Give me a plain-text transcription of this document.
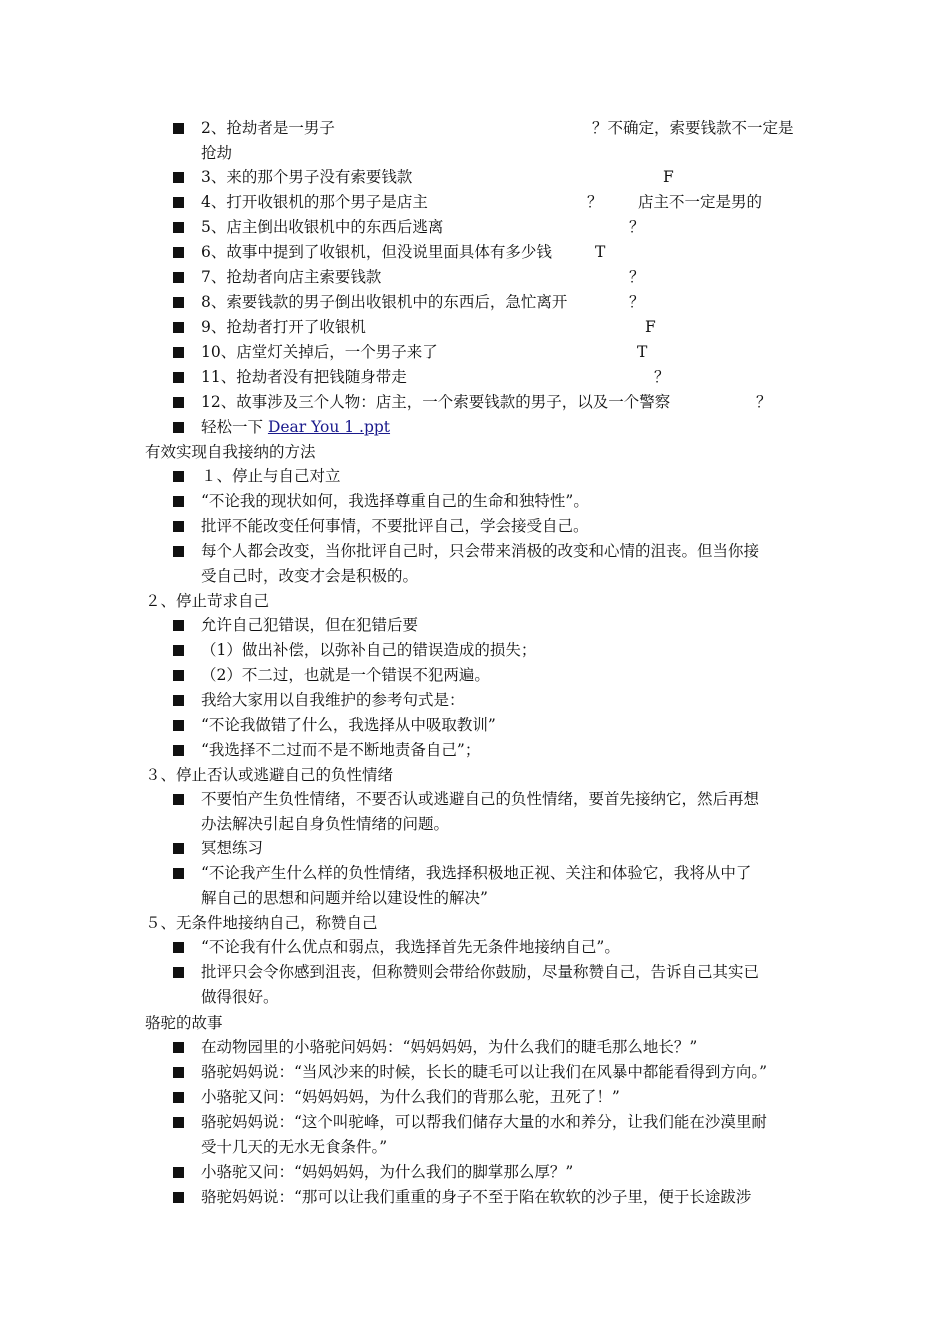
2、抢劫者是一男子	？不确定，索要钱款不一定是
抢劫
3、来的那个男子没有索要钱款	F
4、打开收银机的那个男子是店主	？ 店主不一定是男的
5、店主倒出收银机中的东西后逃离	？
6、故事中提到了收银机，但没说里面具体有多少钱	T
7、抢劫者向店主索要钱款	？
8、索要钱款的男子倒出收银机中的东西后，急忙离开	？
9、抢劫者打开了收银机	F
10、店堂灯关掉后，一个男子来了	T
11、抢劫者没有把钱随身带走	？
12、故事涉及三个人物：店主，一个索要钱款的男子，以及一个警察	？
轻松一下 Dear You 1 .ppt
有效实现自我接纳的方法
１、停止与自己对立
“不论我的现状如何，我选择尊重自己的生命和独特性”。
批评不能改变任何事情，不要批评自己，学会接受自己。
每个人都会改变，当你批评自己时，只会带来消极的改变和心情的沮丧。但当你接
受自己时，改变才会是积极的。
２、停止苛求自己
允许自己犯错误，但在犯错后要
（1）做出补偿，以弥补自己的错误造成的损失；
（2）不二过，也就是一个错误不犯两遍。
我给大家用以自我维护的参考句式是：
“不论我做错了什么，我选择从中吸取教训”
“我选择不二过而不是不断地责备自己”；
３、停止否认或逃避自己的负性情绪
不要怕产生负性情绪，不要否认或逃避自己的负性情绪，要首先接纳它，然后再想
办法解决引起自身负性情绪的问题。
冥想练习
“不论我产生什么样的负性情绪，我选择积极地正视、关注和体验它，我将从中了
解自己的思想和问题并给以建设性的解决”
５、无条件地接纳自己，称赞自己
“不论我有什么优点和弱点，我选择首先无条件地接纳自己”。
批评只会令你感到沮丧，但称赞则会带给你鼓励，尽量称赞自己，告诉自己其实已
做得很好。
骆驼的故事
在动物园里的小骆驼问妈妈：“妈妈妈妈，为什么我们的睫毛那么地长？”
骆驼妈妈说：“当风沙来的时候，长长的睫毛可以让我们在风暴中都能看得到方向。”
小骆驼又问：“妈妈妈妈，为什么我们的背那么驼，丑死了！”
骆驼妈妈说：“这个叫驼峰，可以帮我们储存大量的水和养分，让我们能在沙漠里耐
受十几天的无水无食条件。”
小骆驼又问：“妈妈妈妈，为什么我们的脚掌那么厚？”
骆驼妈妈说：“那可以让我们重重的身子不至于陷在软软的沙子里，便于长途跋涉
